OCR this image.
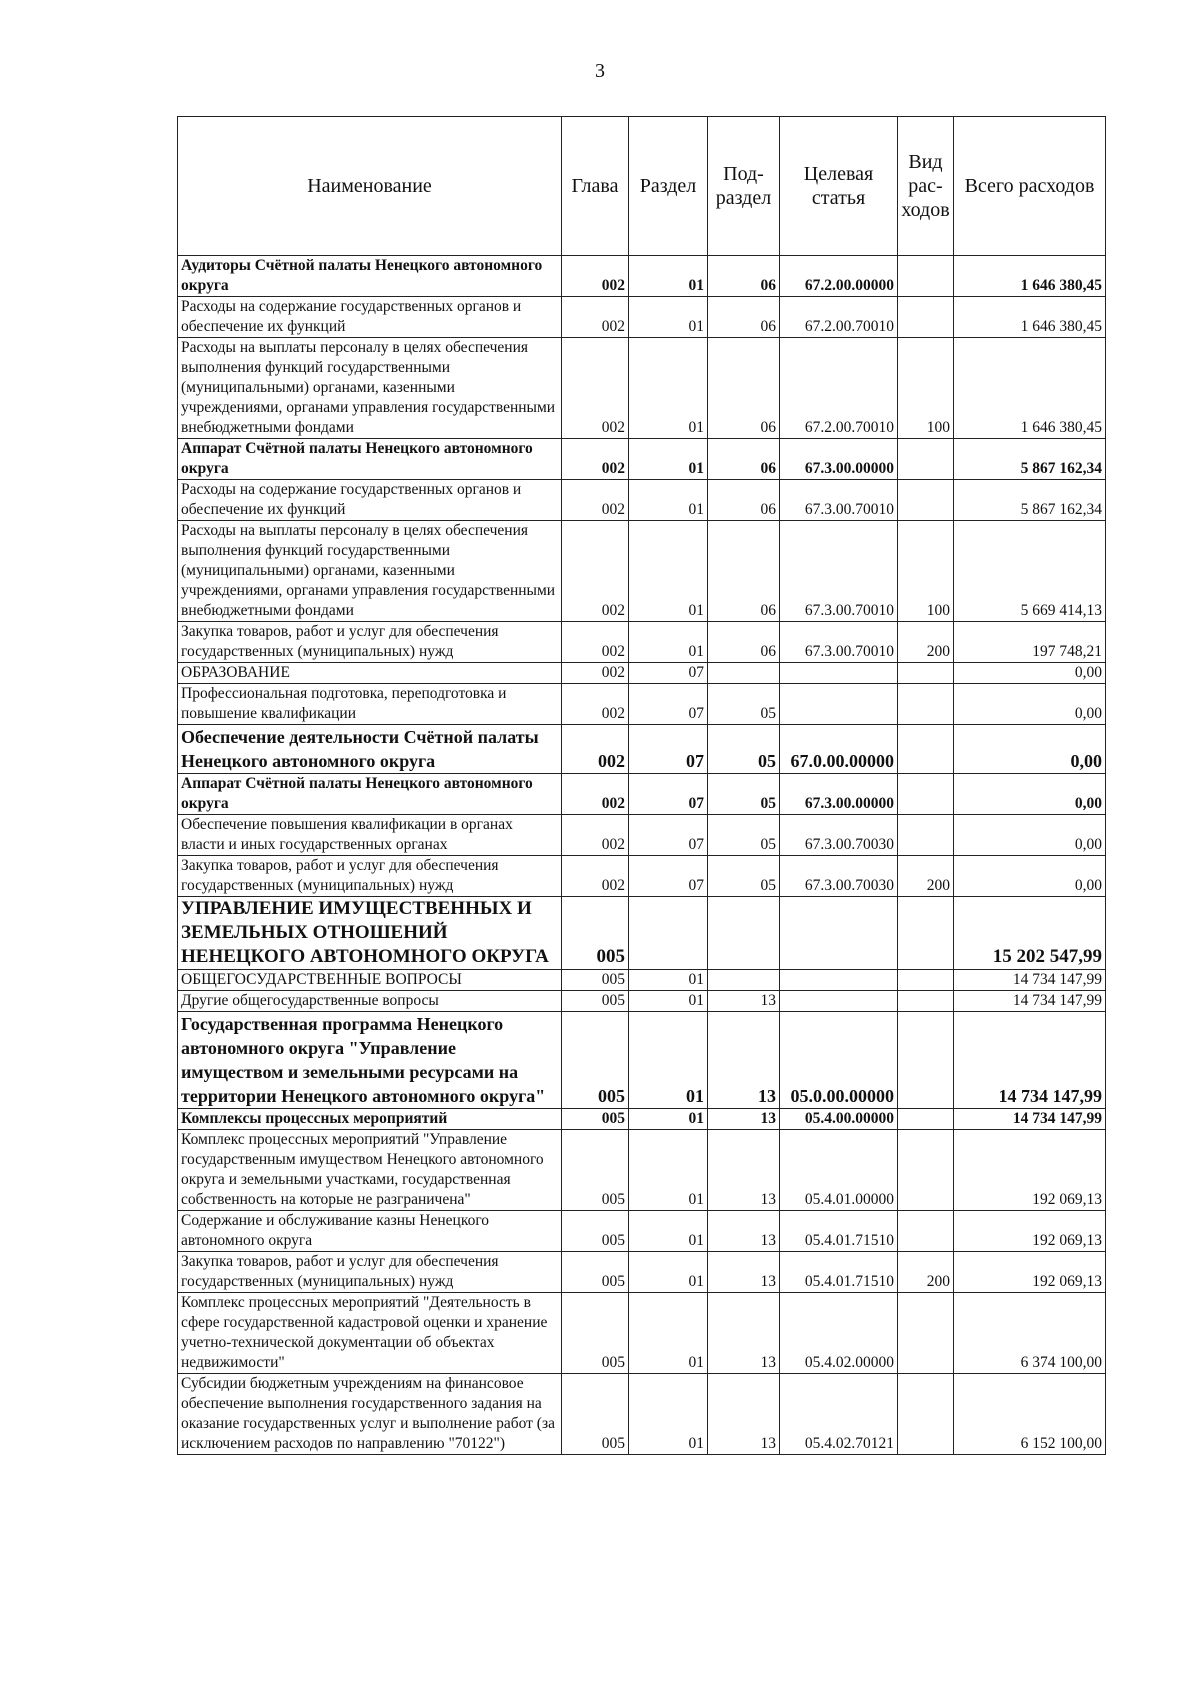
3
Наименование	Глава	Раздел	Под-раздел	Целевая статья	Вид рас-ходов	Всего расходов
Аудиторы Счётной палаты Ненецкого автономного округа	002	01	06	67.2.00.00000		1 646 380,45
Расходы на содержание государственных органов и обеспечение их функций	002	01	06	67.2.00.70010		1 646 380,45
Расходы на выплаты персоналу в целях обеспечения выполнения функций государственными (муниципальными) органами, казенными учреждениями, органами управления государственными внебюджетными фондами	002	01	06	67.2.00.70010	100	1 646 380,45
Аппарат Счётной палаты Ненецкого автономного округа	002	01	06	67.3.00.00000		5 867 162,34
Расходы на содержание государственных органов и обеспечение их функций	002	01	06	67.3.00.70010		5 867 162,34
Расходы на выплаты персоналу в целях обеспечения выполнения функций государственными (муниципальными) органами, казенными учреждениями, органами управления государственными внебюджетными фондами	002	01	06	67.3.00.70010	100	5 669 414,13
Закупка товаров, работ и услуг для обеспечения государственных (муниципальных) нужд	002	01	06	67.3.00.70010	200	197 748,21
ОБРАЗОВАНИЕ	002	07				0,00
Профессиональная подготовка, переподготовка и повышение квалификации	002	07	05			0,00
Обеспечение деятельности Счётной палаты Ненецкого автономного округа	002	07	05	67.0.00.00000		0,00
Аппарат Счётной палаты Ненецкого автономного округа	002	07	05	67.3.00.00000		0,00
Обеспечение повышения квалификации в органах власти и иных государственных органах	002	07	05	67.3.00.70030		0,00
Закупка товаров, работ и услуг для обеспечения государственных (муниципальных) нужд	002	07	05	67.3.00.70030	200	0,00
УПРАВЛЕНИЕ ИМУЩЕСТВЕННЫХ И ЗЕМЕЛЬНЫХ ОТНОШЕНИЙ НЕНЕЦКОГО АВТОНОМНОГО ОКРУГА	005					15 202 547,99
ОБЩЕГОСУДАРСТВЕННЫЕ ВОПРОСЫ	005	01				14 734 147,99
Другие общегосударственные вопросы	005	01	13			14 734 147,99
Государственная программа Ненецкого автономного округа "Управление имуществом и земельными ресурсами на территории Ненецкого автономного округа"	005	01	13	05.0.00.00000		14 734 147,99
Комплексы процессных мероприятий	005	01	13	05.4.00.00000		14 734 147,99
Комплекс процессных мероприятий "Управление государственным имуществом Ненецкого автономного округа и земельными участками, государственная собственность на которые не разграничена"	005	01	13	05.4.01.00000		192 069,13
Содержание и обслуживание казны Ненецкого автономного округа	005	01	13	05.4.01.71510		192 069,13
Закупка товаров, работ и услуг для обеспечения государственных (муниципальных) нужд	005	01	13	05.4.01.71510	200	192 069,13
Комплекс процессных мероприятий "Деятельность в сфере государственной кадастровой оценки и хранение учетно-технической документации об объектах недвижимости"	005	01	13	05.4.02.00000		6 374 100,00
Субсидии бюджетным учреждениям на финансовое обеспечение выполнения государственного задания на оказание государственных услуг и выполнение работ (за исключением расходов по направлению "70122")	005	01	13	05.4.02.70121		6 152 100,00
